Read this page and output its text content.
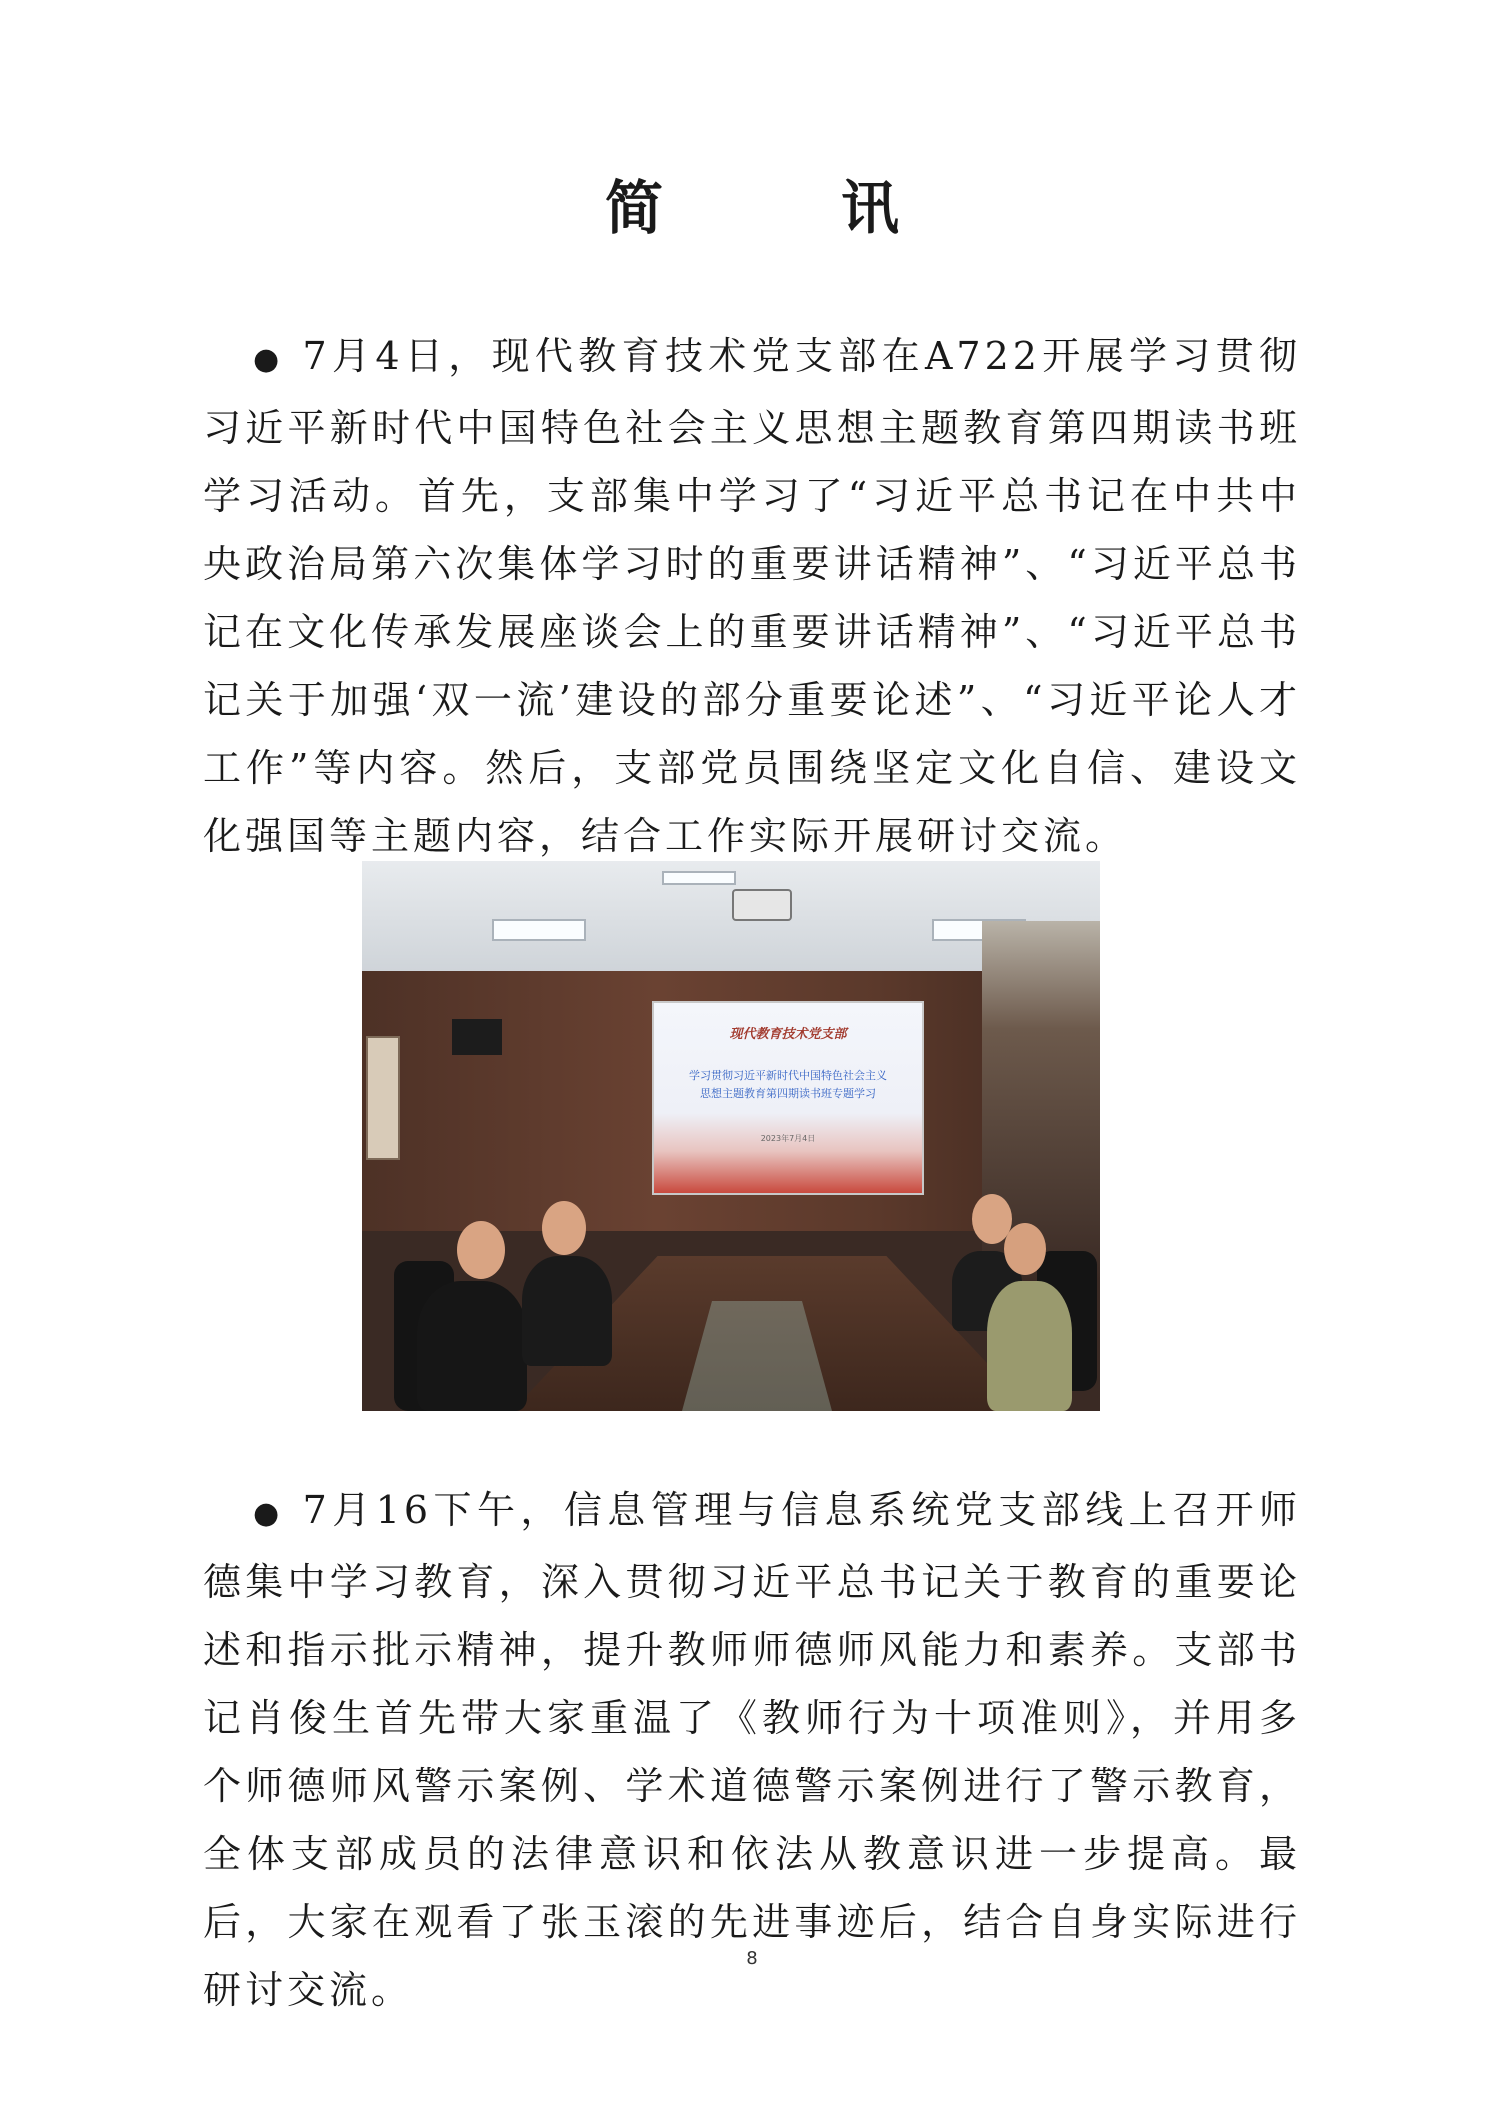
简　讯
● 7月4日，现代教育技术党支部在A722开展学习贯彻习近平新时代中国特色社会主义思想主题教育第四期读书班学习活动。首先，支部集中学习了“习近平总书记在中共中央政治局第六次集体学习时的重要讲话精神”、“习近平总书记在文化传承发展座谈会上的重要讲话精神”、“习近平总书记关于加强‘双一流’建设的部分重要论述”、“习近平论人才工作”等内容。然后，支部党员围绕坚定文化自信、建设文化强国等主题内容，结合工作实际开展研讨交流。
现代教育技术党支部
学习贯彻习近平新时代中国特色社会主义
思想主题教育第四期读书班专题学习
2023年7月4日
● 7月16下午，信息管理与信息系统党支部线上召开师德集中学习教育，深入贯彻习近平总书记关于教育的重要论述和指示批示精神，提升教师师德师风能力和素养。支部书记肖俊生首先带大家重温了《教师行为十项准则》，并用多个师德师风警示案例、学术道德警示案例进行了警示教育，全体支部成员的法律意识和依法从教意识进一步提高。最后，大家在观看了张玉滚的先进事迹后，结合自身实际进行研讨交流。
8
